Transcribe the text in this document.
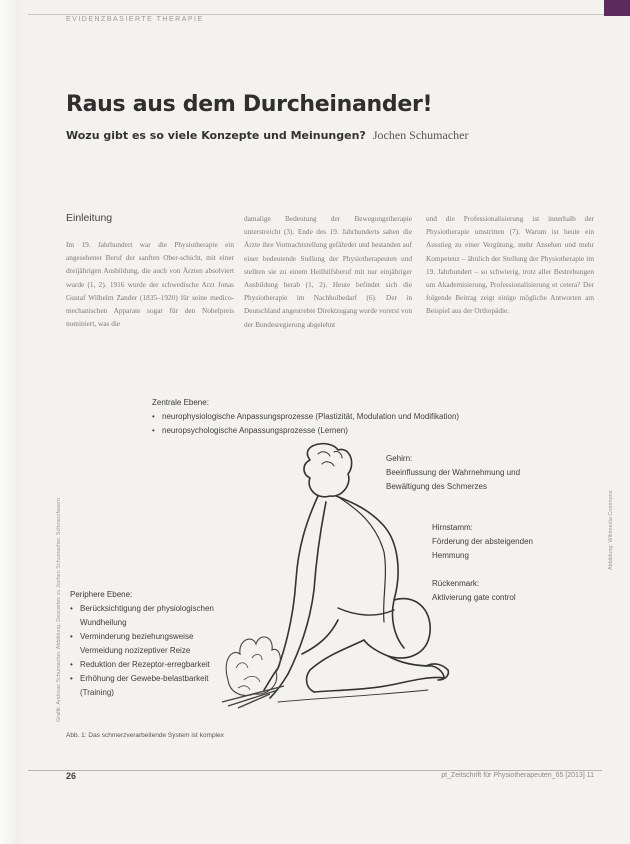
EVIDENZBASIERTE THERAPIE
Raus aus dem Durcheinander!
Wozu gibt es so viele Konzepte und Meinungen? Jochen Schumacher
Einleitung
Im 19. Jahrhundert war die Physiotherapie ein angesehener Beruf der sanften Ober-schicht, mit einer dreijährigen Ausbildung, die auch von Ärzten absolviert wurde (1, 2). 1916 wurde der schwedische Arzt Jonas Gustaf Wilhelm Zander (1835–1920) für seine medico-mechanischen Apparate sogar für den Nobelpreis nominiert, was die
damalige Bedeutung der Bewegungstherapie unterstreicht (3). Ende des 19. Jahrhunderts sahen die Ärzte ihre Vormachtstellung gefährdet und bestanden auf einer bedeutende Stellung der Physiotherapeuten und stellten sie zu einem Heilhilfsberuf mit nur einjähriger Ausbildung herab (1, 2). Heute befindet sich die Physiotherapie im Nachholbedarf (6). Der in Deutschland angestrebte Direktzugang wurde vorerst von der Bundesregierung abgelehnt
und die Professionalisierung ist innerhalb der Physiotherapie umstritten (7). Warum ist heute ein Ausstieg zu einer Vergütung, mehr Ansehen und mehr Kompetenz – ähnlich der Stellung der Physiotherapie im 19. Jahrhundert – so schwierig, trotz aller Bestrebungen um Akademisierung, Professionalisierung et cetera? Der folgende Beitrag zeigt einige mögliche Antworten am Beispiel aus der Orthopädie.
Zentrale Ebene:
• neurophysiologische Anpassungsprozesse (Plastizität, Modulation und Modifikation)
• neuropsychologische Anpassungsprozesse (Lernen)
Gehirn:
Beeinflussung der Wahrnehmung und
Bewältigung des Schmerzes
Hirnstamm:
Förderung der absteigenden
Hemmung
Rückenmark:
Aktivierung gate control
Periphere Ebene:
• Berücksichtigung der physiologischen Wundheilung
• Verminderung beziehungsweise Vermeidung nozizeptiver Reize
• Reduktion der Rezeptor-erregbarkeit
• Erhöhung der Gewebe-belastbarkeit (Training)
Grafik: Andreas Schumacher, Abbildung: Descartes zu Jochen Schumacher, Schmerzfasern	Abbildung: Wikimedia Commons
Abb. 1: Das schmerzverarbeitende System ist komplex
26	pt_Zeitschrift für Physiotherapeuten_65 [2013] 11
